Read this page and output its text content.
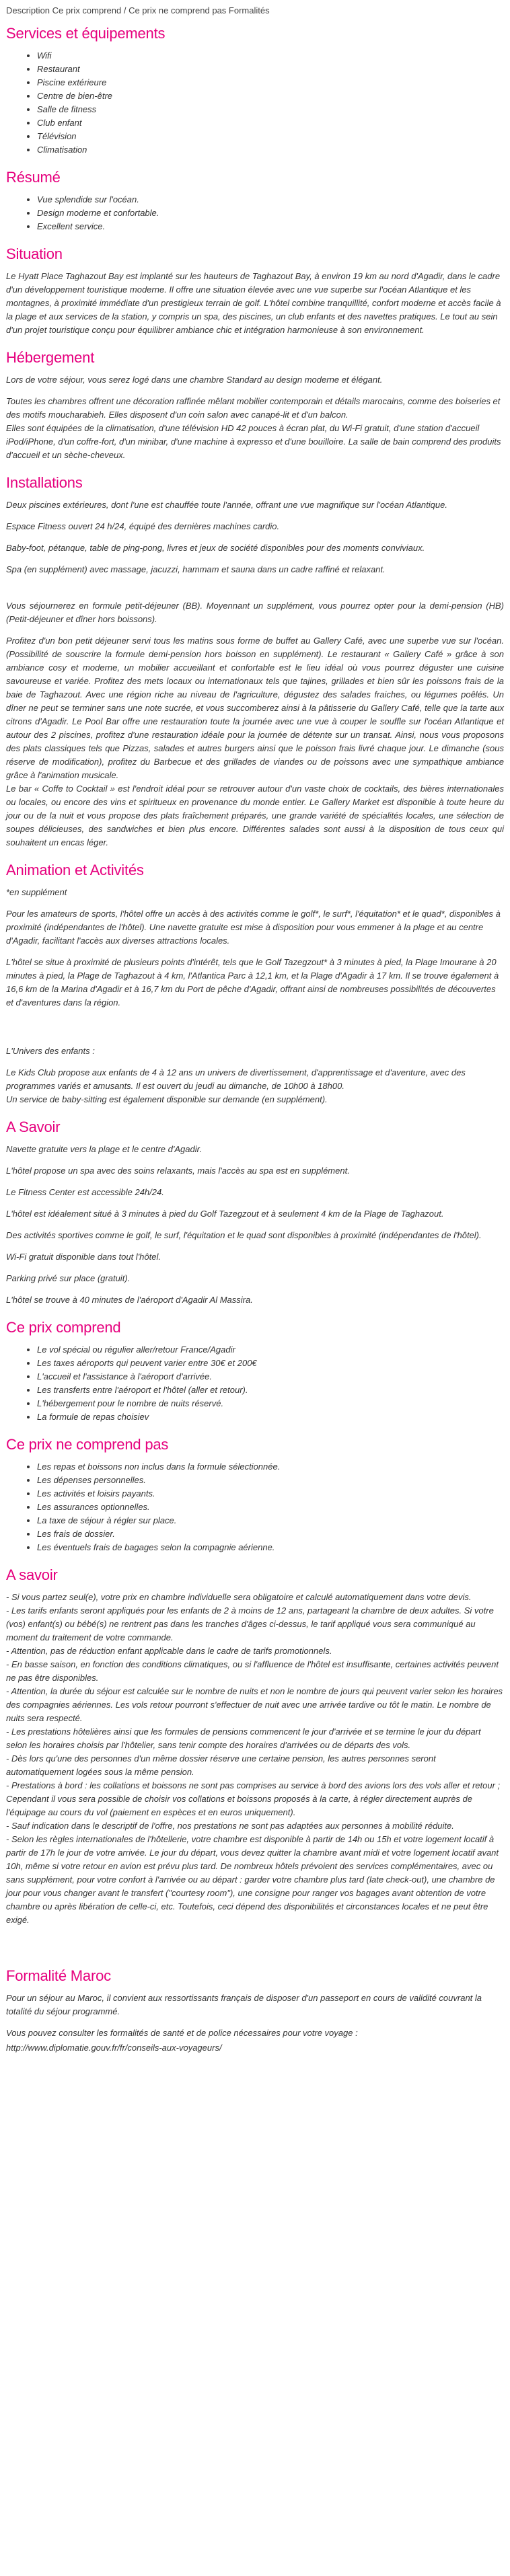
Description Ce prix comprend / Ce prix ne comprend pas Formalités
Services et équipements
• Wifi
• Restaurant
• Piscine extérieure
• Centre de bien-être
• Salle de fitness
• Club enfant
• Télévision
• Climatisation
Résumé
• Vue splendide sur l'océan.
• Design moderne et confortable.
• Excellent service.
Situation

Le Hyatt Place Taghazout Bay est implanté sur les hauteurs de Taghazout Bay, à environ 19 km au nord d'Agadir, dans le cadre d'un développement touristique moderne. Il offre une situation élevée avec une vue superbe sur l'océan Atlantique et les montagnes, à proximité immédiate d'un prestigieux terrain de golf. L'hôtel combine tranquillité, confort moderne et accès facile à la plage et aux services de la station, y compris un spa, des piscines, un club enfants et des navettes pratiques. Le tout au sein d'un projet touristique conçu pour équilibrer ambiance chic et intégration harmonieuse à son environnement.

Hébergement

Lors de votre séjour, vous serez logé dans une chambre Standard au design moderne et élégant.

Toutes les chambres offrent une décoration raffinée mêlant mobilier contemporain et détails marocains, comme des boiseries et des motifs moucharabieh. Elles disposent d'un coin salon avec canapé-lit et d'un balcon.
Elles sont équipées de la climatisation, d'une télévision HD 42 pouces à écran plat, du Wi-Fi gratuit, d'une station d'accueil iPod/iPhone, d'un coffre-fort, d'un minibar, d'une machine à expresso et d'une bouilloire. La salle de bain comprend des produits d'accueil et un sèche-cheveux.

Installations

Deux piscines extérieures, dont l'une est chauffée toute l'année, offrant une vue magnifique sur l'océan Atlantique.

Espace Fitness ouvert 24 h/24, équipé des dernières machines cardio.

Baby-foot, pétanque, table de ping-pong, livres et jeux de société disponibles pour des moments conviviaux.

Spa (en supplément) avec massage, jacuzzi, hammam et sauna dans un cadre raffiné et relaxant.

Vous séjournerez en formule petit-déjeuner (BB). Moyennant un supplément, vous pourrez opter pour la demi-pension (HB) (Petit-déjeuner et dîner hors boissons).

Profitez d'un bon petit déjeuner servi tous les matins sous forme de buffet au Gallery Café, avec une superbe vue sur l'océan. (Possibilité de souscrire la formule demi-pension hors boisson en supplément). Le restaurant « Gallery Café » grâce à son ambiance cosy et moderne, un mobilier accueillant et confortable est le lieu idéal où vous pourrez déguster une cuisine savoureuse et variée. Profitez des mets locaux ou internationaux tels que tajines, grillades et bien sûr les poissons frais de la baie de Taghazout. Avec une région riche au niveau de l'agriculture, dégustez des salades fraiches, ou légumes poêlés. Un dîner ne peut se terminer sans une note sucrée, et vous succomberez ainsi à la pâtisserie du Gallery Café, telle que la tarte aux citrons d'Agadir. Le Pool Bar offre une restauration toute la journée avec une vue à couper le souffle sur l'océan Atlantique et autour des 2 piscines, profitez d'une restauration idéale pour la journée de détente sur un transat. Ainsi, nous vous proposons des plats classiques tels que Pizzas, salades et autres burgers ainsi que le poisson frais livré chaque jour. Le dimanche (sous réserve de modification), profitez du Barbecue et des grillades de viandes ou de poissons avec une sympathique ambiance grâce à l'animation musicale.
Le bar « Coffe to Cocktail » est l'endroit idéal pour se retrouver autour d'un vaste choix de cocktails, des bières internationales ou locales, ou encore des vins et spiritueux en provenance du monde entier. Le Gallery Market est disponible à toute heure du jour ou de la nuit et vous propose des plats fraîchement préparés, une grande variété de spécialités locales, une sélection de soupes délicieuses, des sandwiches et bien plus encore. Différentes salades sont aussi à la disposition de tous ceux qui souhaitent un encas léger.

Animation et Activités

*en supplément

Pour les amateurs de sports, l'hôtel offre un accès à des activités comme le golf*, le surf*, l'équitation* et le quad*, disponibles à proximité (indépendantes de l'hôtel). Une navette gratuite est mise à disposition pour vous emmener à la plage et au centre d'Agadir, facilitant l'accès aux diverses attractions locales.

L'hôtel se situe à proximité de plusieurs points d'intérêt, tels que le Golf Tazegzout* à 3 minutes à pied, la Plage Imourane à 20 minutes à pied, la Plage de Taghazout à 4 km, l'Atlantica Parc à 12,1 km, et la Plage d'Agadir à 17 km. Il se trouve également à 16,6 km de la Marina d'Agadir et à 16,7 km du Port de pêche d'Agadir, offrant ainsi de nombreuses possibilités de découvertes et d'aventures dans la région.

L'Univers des enfants :

Le Kids Club propose aux enfants de 4 à 12 ans un univers de divertissement, d'apprentissage et d'aventure, avec des programmes variés et amusants. Il est ouvert du jeudi au dimanche, de 10h00 à 18h00.
Un service de baby-sitting est également disponible sur demande (en supplément).

A Savoir

Navette gratuite vers la plage et le centre d'Agadir.

L'hôtel propose un spa avec des soins relaxants, mais l'accès au spa est en supplément.

Le Fitness Center est accessible 24h/24.

L'hôtel est idéalement situé à 3 minutes à pied du Golf Tazegzout et à seulement 4 km de la Plage de Taghazout.

Des activités sportives comme le golf, le surf, l'équitation et le quad sont disponibles à proximité (indépendantes de l'hôtel).

Wi-Fi gratuit disponible dans tout l'hôtel.

Parking privé sur place (gratuit).

L'hôtel se trouve à 40 minutes de l'aéroport d'Agadir Al Massira.

Ce prix comprend
• Le vol spécial ou régulier aller/retour France/Agadir
• Les taxes aéroports qui peuvent varier entre 30€ et 200€
• L'accueil et l'assistance à l'aéroport d'arrivée.
• Les transferts entre l'aéroport et l'hôtel (aller et retour).
• L'hébergement pour le nombre de nuits réservé.
• La formule de repas choisiev
Ce prix ne comprend pas
• Les repas et boissons non inclus dans la formule sélectionnée.
• Les dépenses personnelles.
• Les activités et loisirs payants.
• Les assurances optionnelles.
• La taxe de séjour à régler sur place.
• Les frais de dossier.
• Les éventuels frais de bagages selon la compagnie aérienne.
A savoir

- Si vous partez seul(e), votre prix en chambre individuelle sera obligatoire et calculé automatiquement dans votre devis.
- Les tarifs enfants seront appliqués pour les enfants de 2 à moins de 12 ans, partageant la chambre de deux adultes. Si votre (vos) enfant(s) ou bébé(s) ne rentrent pas dans les tranches d'âges ci-dessus, le tarif appliqué vous sera communiqué au moment du traitement de votre commande.
- Attention, pas de réduction enfant applicable dans le cadre de tarifs promotionnels.
- En basse saison, en fonction des conditions climatiques, ou si l'affluence de l'hôtel est insuffisante, certaines activités peuvent ne pas être disponibles.
- Attention, la durée du séjour est calculée sur le nombre de nuits et non le nombre de jours qui peuvent varier selon les horaires des compagnies aériennes. Les vols retour pourront s'effectuer de nuit avec une arrivée tardive ou tôt le matin. Le nombre de nuits sera respecté.
- Les prestations hôtelières ainsi que les formules de pensions commencent le jour d'arrivée et se termine le jour du départ selon les horaires choisis par l'hôtelier, sans tenir compte des horaires d'arrivées ou de départs des vols.
- Dès lors qu'une des personnes d'un même dossier réserve une certaine pension, les autres personnes seront automatiquement logées sous la même pension.
- Prestations à bord : les collations et boissons ne sont pas comprises au service à bord des avions lors des vols aller et retour ; Cependant il vous sera possible de choisir vos collations et boissons proposés à la carte, à régler directement auprès de l'équipage au cours du vol (paiement en espèces et en euros uniquement).
- Sauf indication dans le descriptif de l'offre, nos prestations ne sont pas adaptées aux personnes à mobilité réduite.
- Selon les règles internationales de l'hôtellerie, votre chambre est disponible à partir de 14h ou 15h et votre logement locatif à partir de 17h le jour de votre arrivée. Le jour du départ, vous devez quitter la chambre avant midi et votre logement locatif avant 10h, même si votre retour en avion est prévu plus tard. De nombreux hôtels prévoient des services complémentaires, avec ou sans supplément, pour votre confort à l'arrivée ou au départ : garder votre chambre plus tard (late check-out), une chambre de jour pour vous changer avant le transfert ("courtesy room"), une consigne pour ranger vos bagages avant obtention de votre chambre ou après libération de celle-ci, etc. Toutefois, ceci dépend des disponibilités et circonstances locales et ne peut être exigé.

Formalité Maroc

Pour un séjour au Maroc, il convient aux ressortissants français de disposer d'un passeport en cours de validité couvrant la totalité du séjour programmé.

Vous pouvez consulter les formalités de santé et de police nécessaires pour votre voyage :

http://www.diplomatie.gouv.fr/fr/conseils-aux-voyageurs/
